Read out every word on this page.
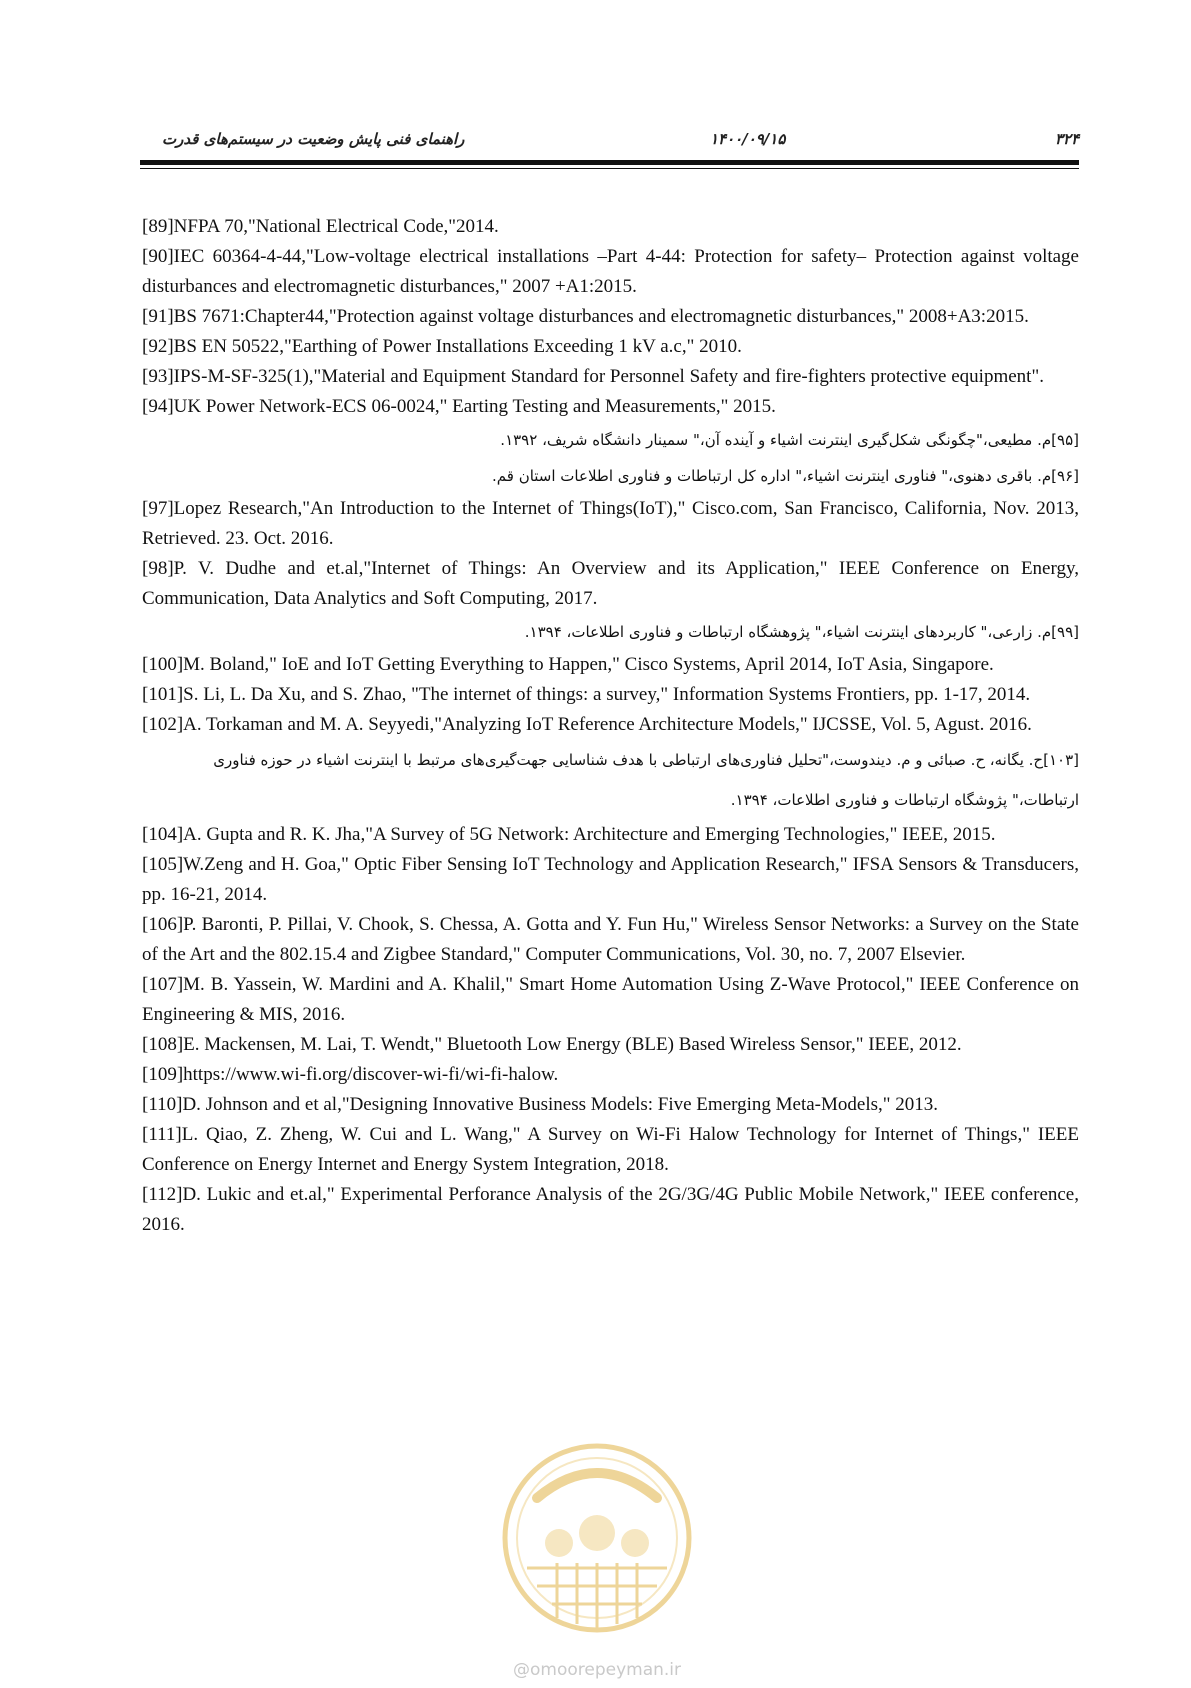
۳۲۴
۱۴۰۰/۰۹/۱۵
راهنمای فنی پایش وضعیت در سیستم‌های قدرت

[89]NFPA 70,"National Electrical Code,"2014.

[90]IEC 60364-4-44,"Low-voltage electrical installations –Part 4-44: Protection for safety– Protection against voltage disturbances and electromagnetic disturbances," 2007 +A1:2015.

[91]BS 7671:Chapter44,"Protection against voltage disturbances and electromagnetic disturbances," 2008+A3:2015.

[92]BS EN 50522,"Earthing of Power Installations Exceeding 1 kV a.c," 2010.

[93]IPS-M-SF-325(1),"Material and Equipment Standard for Personnel Safety and fire-fighters protective equipment".

[94]UK Power Network-ECS 06-0024," Earting Testing and Measurements," 2015.

[۹۵]م. مطیعی،"چگونگی شکل‌گیری اینترنت اشیاء و آینده آن،" سمینار دانشگاه شریف، ۱۳۹۲.

[۹۶]م. باقری دهنوی،" فناوری اینترنت اشیاء،" اداره کل ارتباطات و فناوری اطلاعات استان قم.

[97]Lopez Research,"An Introduction to the Internet of Things(IoT)," Cisco.com, San Francisco, California, Nov. 2013, Retrieved. 23. Oct. 2016.

[98]P. V. Dudhe and et.al,"Internet of Things: An Overview and its Application," IEEE Conference on Energy, Communication, Data Analytics and Soft Computing, 2017.

[۹۹]م. زارعی،" کاربردهای اینترنت اشیاء،" پژوهشگاه ارتباطات و فناوری اطلاعات، ۱۳۹۴.

[100]M. Boland," IoE and IoT Getting Everything to Happen," Cisco Systems, April 2014, IoT Asia, Singapore.

[101]S. Li, L. Da Xu, and S. Zhao, "The internet of things: a survey," Information Systems Frontiers, pp. 1-17, 2014.

[102]A. Torkaman and M. A. Seyyedi,"Analyzing IoT Reference Architecture Models," IJCSSE, Vol. 5, Agust. 2016.

[۱۰۳]ح. یگانه، ح. صبائی و م. دیندوست،"تحلیل فناوری‌های ارتباطی با هدف شناسایی جهت‌گیری‌های مرتبط با اینترنت اشیاء در حوزه فناوری ارتباطات،" پژوشگاه ارتباطات و فناوری اطلاعات، ۱۳۹۴.

[104]A. Gupta and R. K. Jha,"A Survey of 5G Network: Architecture and Emerging Technologies," IEEE, 2015.

[105]W.Zeng and H. Goa," Optic Fiber Sensing IoT Technology and Application Research," IFSA Sensors & Transducers, pp. 16-21, 2014.

[106]P. Baronti, P. Pillai, V. Chook, S. Chessa, A. Gotta and Y. Fun Hu," Wireless Sensor Networks: a Survey on the State of the Art and the 802.15.4 and Zigbee Standard," Computer Communications, Vol. 30, no. 7, 2007 Elsevier.

[107]M. B. Yassein, W. Mardini and A. Khalil," Smart Home Automation Using Z-Wave Protocol," IEEE Conference on Engineering & MIS, 2016.

[108]E. Mackensen, M. Lai, T. Wendt," Bluetooth Low Energy (BLE) Based Wireless Sensor," IEEE, 2012.

[109]https://www.wi-fi.org/discover-wi-fi/wi-fi-halow.

[110]D. Johnson and et al,"Designing Innovative Business Models: Five Emerging Meta-Models," 2013.

[111]L. Qiao, Z. Zheng, W. Cui and L. Wang," A Survey on Wi-Fi Halow Technology for Internet of Things," IEEE Conference on Energy Internet and Energy System Integration, 2018.

[112]D. Lukic and et.al," Experimental Perforance Analysis of the 2G/3G/4G Public Mobile Network," IEEE conference, 2016.

@omoorepeyman.ir
